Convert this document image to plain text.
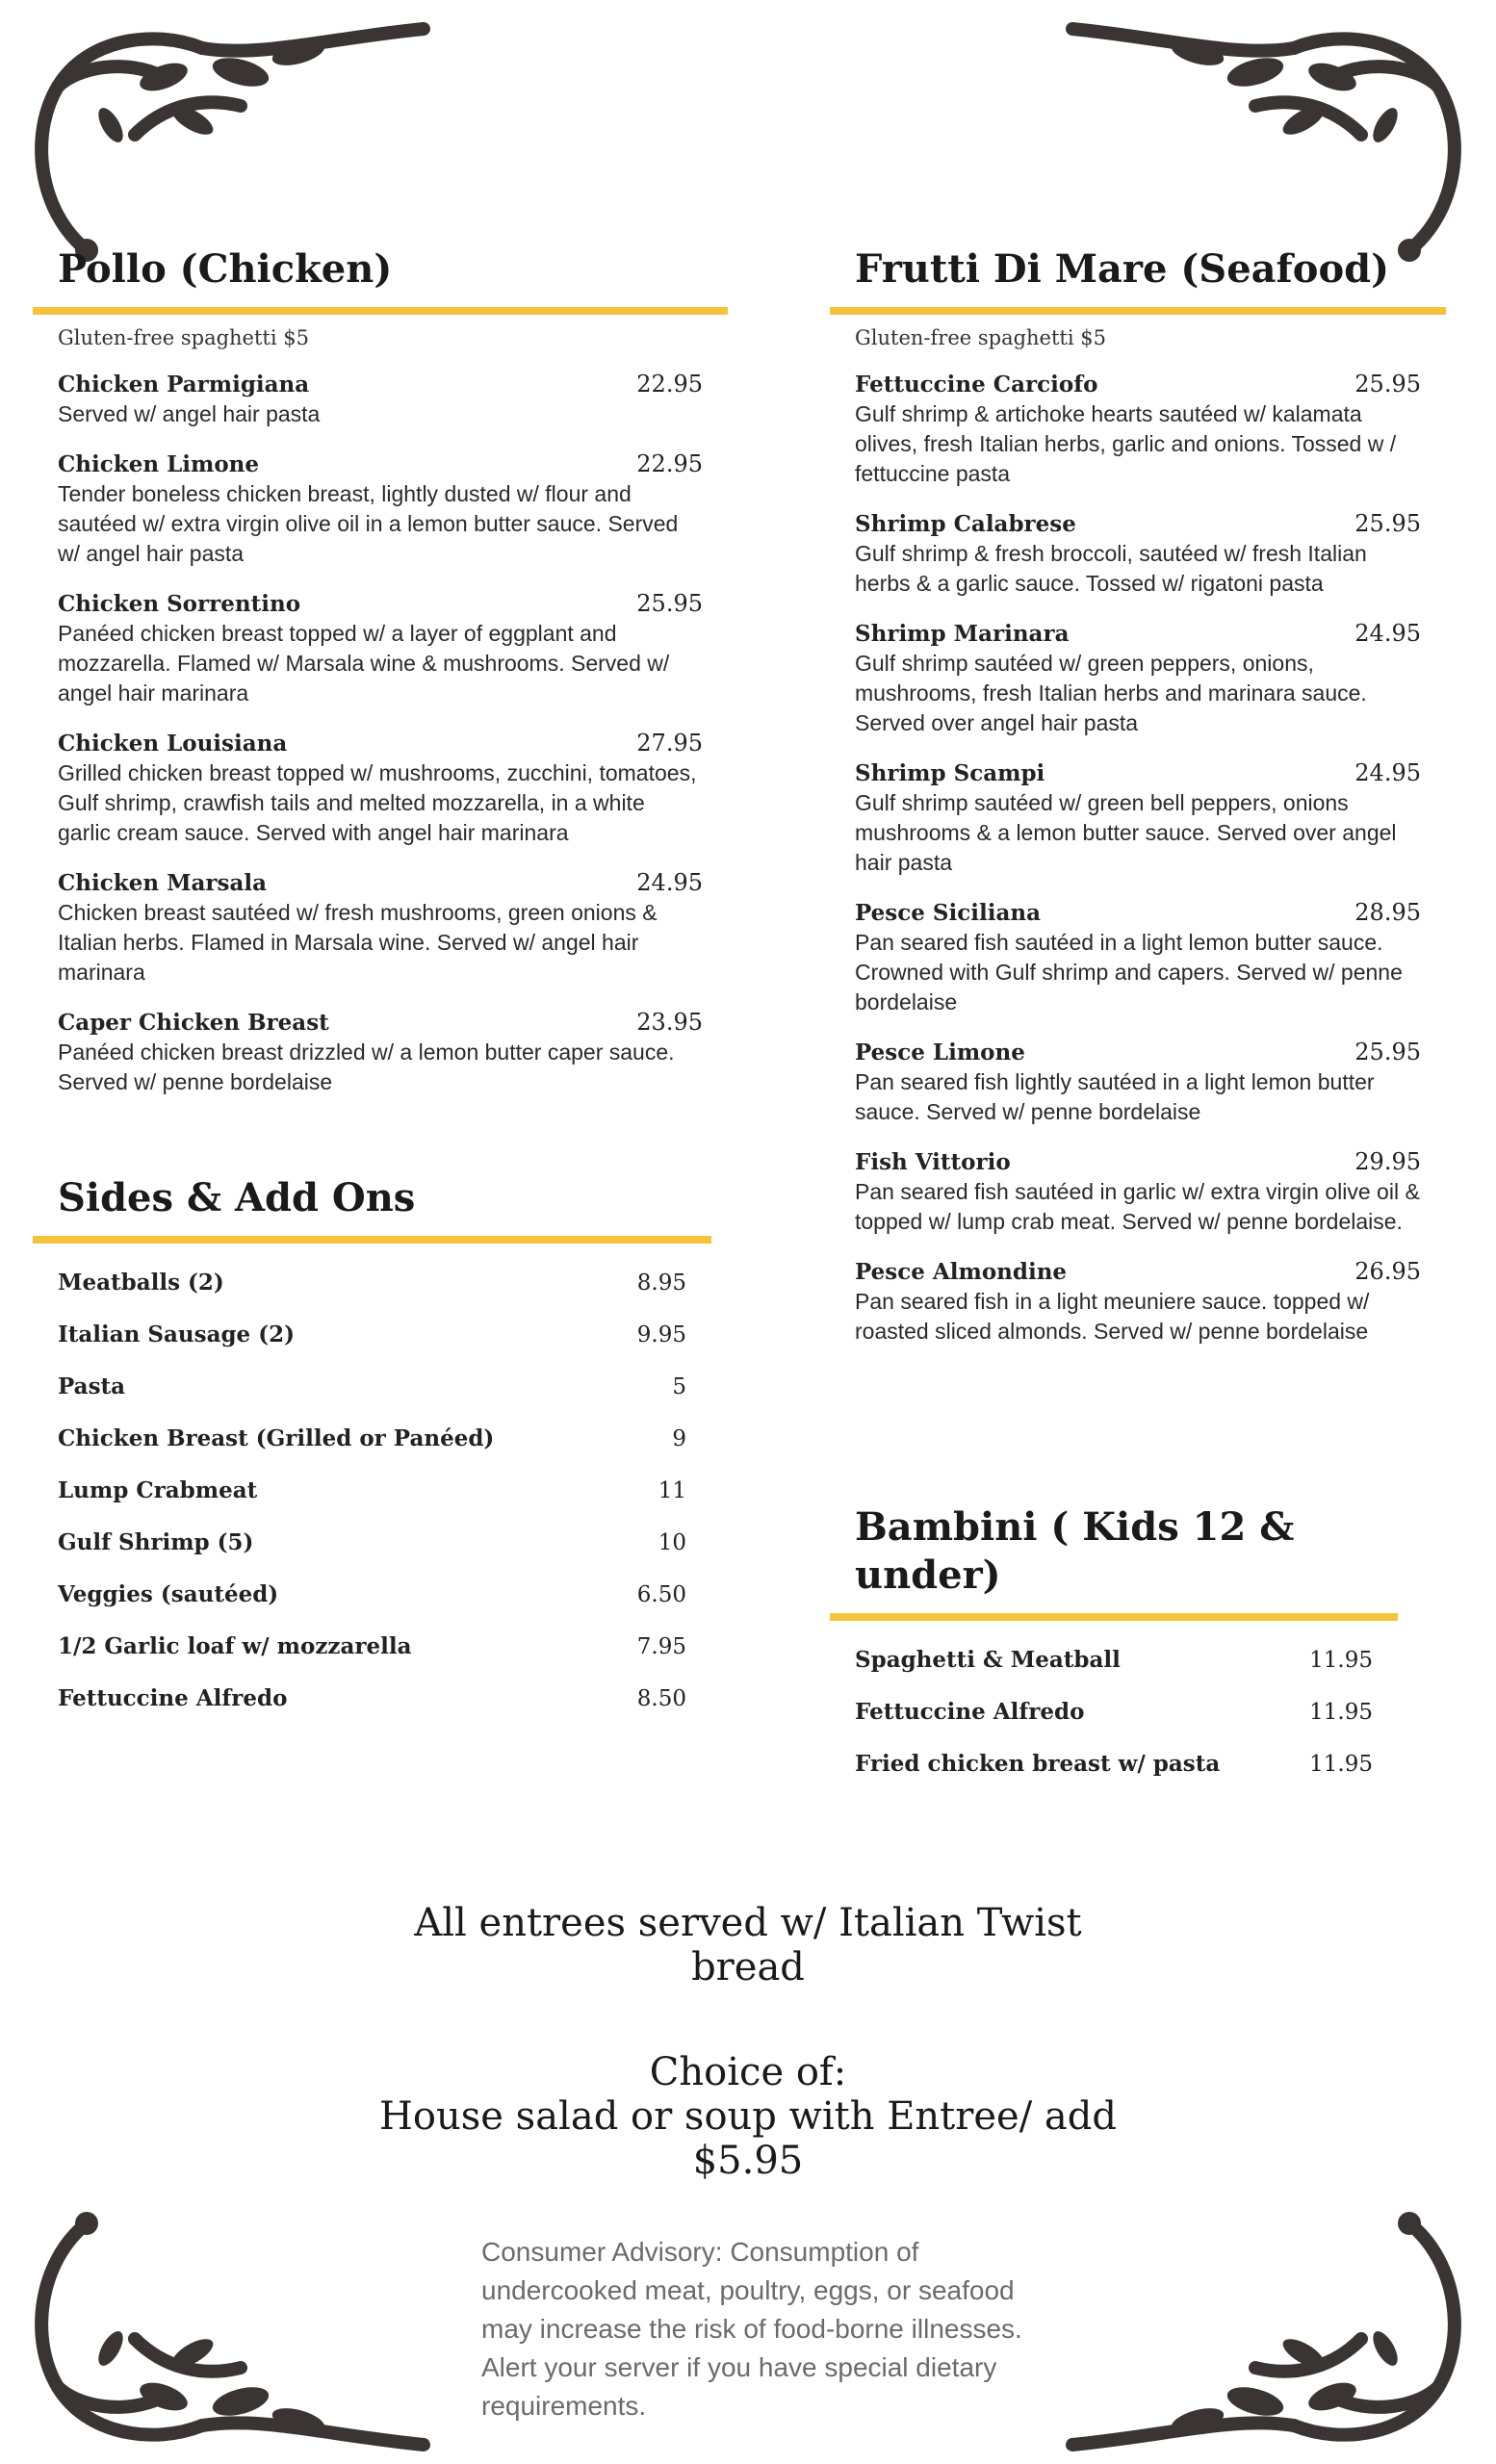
Pollo (Chicken)
Gluten-free spaghetti $5
Chicken Parmigiana	22.95
Served w/ angel hair pasta
Chicken Limone	22.95
Tender boneless chicken breast, lightly dusted w/ flour and sautéed w/ extra virgin olive oil in a lemon butter sauce. Served w/ angel hair pasta
Chicken Sorrentino	25.95
Panéed chicken breast topped w/ a layer of eggplant and mozzarella. Flamed w/ Marsala wine & mushrooms. Served w/ angel hair marinara
Chicken Louisiana	27.95
Grilled chicken breast topped w/ mushrooms, zucchini, tomatoes, Gulf shrimp, crawfish tails and melted mozzarella, in a white garlic cream sauce. Served with angel hair marinara
Chicken Marsala	24.95
Chicken breast sautéed w/ fresh mushrooms, green onions & Italian herbs. Flamed in Marsala wine. Served w/ angel hair marinara
Caper Chicken Breast	23.95
Panéed chicken breast drizzled w/ a lemon butter caper sauce. Served w/ penne bordelaise
Frutti Di Mare (Seafood)
Gluten-free spaghetti $5
Fettuccine Carciofo	25.95
Gulf shrimp & artichoke hearts sautéed w/ kalamata olives, fresh Italian herbs, garlic and onions. Tossed w / fettuccine pasta
Shrimp Calabrese	25.95
Gulf shrimp & fresh broccoli, sautéed w/ fresh Italian herbs & a garlic sauce. Tossed w/ rigatoni pasta
Shrimp Marinara	24.95
Gulf shrimp sautéed w/ green peppers, onions, mushrooms, fresh Italian herbs and marinara sauce. Served over angel hair pasta
Shrimp Scampi	24.95
Gulf shrimp sautéed w/ green bell peppers, onions mushrooms & a lemon butter sauce. Served over angel hair pasta
Pesce Siciliana	28.95
Pan seared fish sautéed in a light lemon butter sauce. Crowned with Gulf shrimp and capers. Served w/ penne bordelaise
Pesce Limone	25.95
Pan seared fish lightly sautéed in a light lemon butter sauce. Served w/ penne bordelaise
Fish Vittorio	29.95
Pan seared fish sautéed in garlic w/ extra virgin olive oil & topped w/ lump crab meat. Served w/ penne bordelaise.
Pesce Almondine	26.95
Pan seared fish in a light meuniere sauce. topped w/ roasted sliced almonds. Served w/ penne bordelaise
Sides & Add Ons
Meatballs (2)	8.95
Italian Sausage (2)	9.95
Pasta	5
Chicken Breast (Grilled or Panéed)	9
Lump Crabmeat	11
Gulf Shrimp (5)	10
Veggies (sautéed)	6.50
1/2 Garlic loaf w/ mozzarella	7.95
Fettuccine Alfredo	8.50
Bambini ( Kids 12 & under)
Spaghetti & Meatball	11.95
Fettuccine Alfredo	11.95
Fried chicken breast w/ pasta	11.95
All entrees served w/ Italian Twist
bread
Choice of:
House salad or soup with Entree/ add
$5.95
Consumer Advisory: Consumption of undercooked meat, poultry, eggs, or seafood may increase the risk of food-borne illnesses. Alert your server if you have special dietary requirements.
